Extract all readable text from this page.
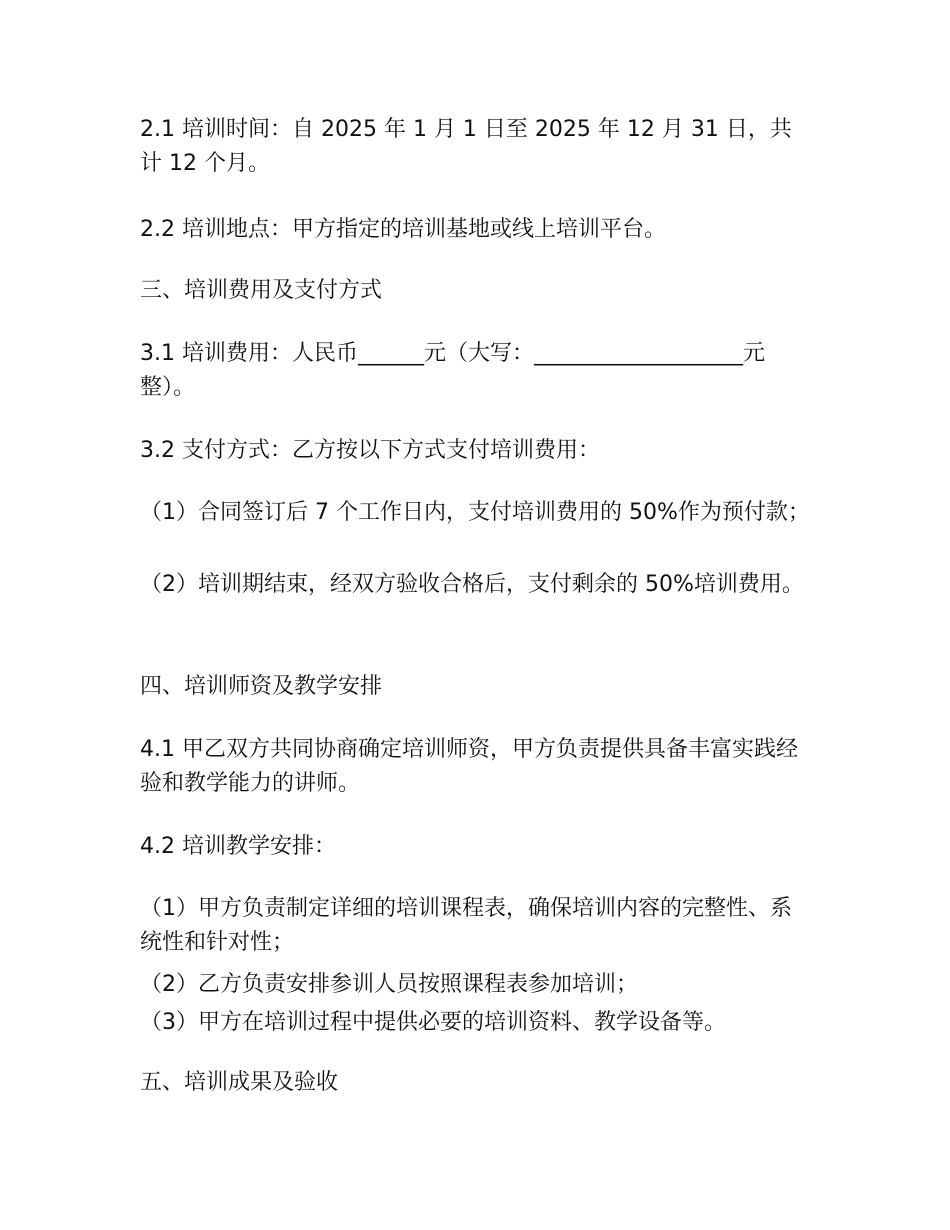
2.1 培训时间：自 2025 年 1 月 1 日至 2025 年 12 月 31 日，共计 12 个月。

2.2 培训地点：甲方指定的培训基地或线上培训平台。

三、培训费用及支付方式

3.1 培训费用：人民币______元（大写：___________________元整）。

3.2 支付方式：乙方按以下方式支付培训费用：

（1）合同签订后 7 个工作日内，支付培训费用的 50%作为预付款；

（2）培训期结束，经双方验收合格后，支付剩余的 50%培训费用。

四、培训师资及教学安排

4.1 甲乙双方共同协商确定培训师资，甲方负责提供具备丰富实践经验和教学能力的讲师。

4.2 培训教学安排：

（1）甲方负责制定详细的培训课程表，确保培训内容的完整性、系统性和针对性；

（2）乙方负责安排参训人员按照课程表参加培训；

（3）甲方在培训过程中提供必要的培训资料、教学设备等。

五、培训成果及验收
